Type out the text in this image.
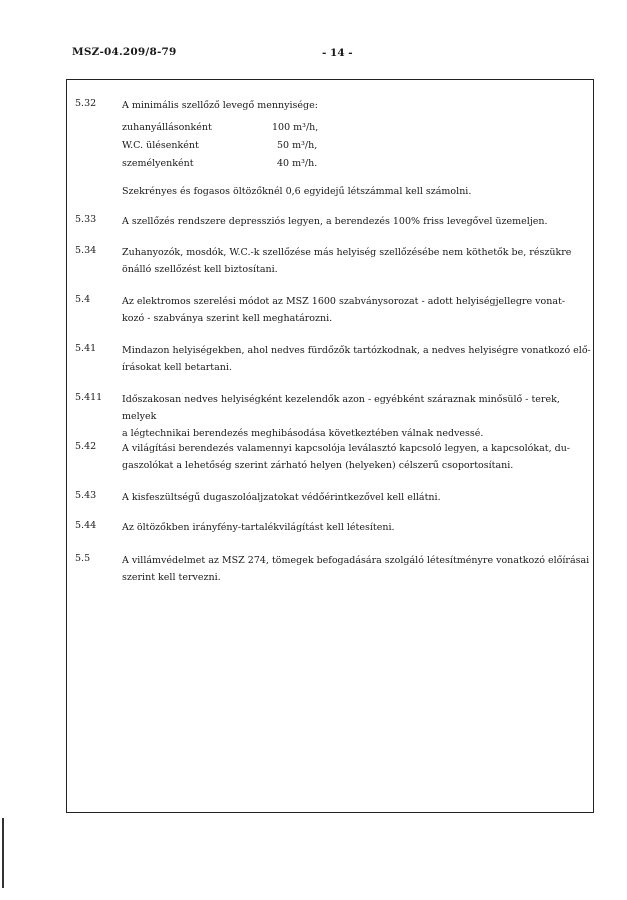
MSZ-04.209/8-79	- 14 -
5.32	A minimális szellőző levegő mennyisége:
zuhanyállásonként	100 m³/h,
W.C. ülésenként	50 m³/h,
személyenként	40 m³/h.
Szekrényes és fogasos öltözőknél 0,6 egyidejű létszámmal kell számolni.
5.33	A szellőzés rendszere depressziós legyen, a berendezés 100% friss levegővel üzemeljen.

5.34	Zuhanyozók, mosdók, W.C.-k szellőzése más helyiség szellőzésébe nem köthetők be, részükre

önálló szellőzést kell biztosítani.

5.4	Az elektromos szerelési módot az MSZ 1600 szabványsorozat - adott helyiségjellegre vonat-

kozó - szabványa szerint kell meghatározni.

5.41	Mindazon helyiségekben, ahol nedves fürdőzők tartózkodnak, a nedves helyiségre vonatkozó elő-

írásokat kell betartani.

5.411 Időszakosan nedves helyiségként kezelendők azon - egyébként száraznak minősülő - terek, melyek

a légtechnikai berendezés meghibásodása következtében válnak nedvessé.

5.42	A világítási berendezés valamennyi kapcsolója leválasztó kapcsoló legyen, a kapcsolókat, du-

gaszolókat a lehetőség szerint zárható helyen (helyeken) célszerű csoportosítani.

5.43	A kisfeszültségű dugaszolóaljzatokat védőérintkezővel kell ellátni.

5.44	Az öltözőkben irányfény-tartalékvilágítást kell létesíteni.

5.5	A villámvédelmet az MSZ 274, tömegek befogadására szolgáló létesítményre vonatkozó előírásai

szerint kell tervezni.
